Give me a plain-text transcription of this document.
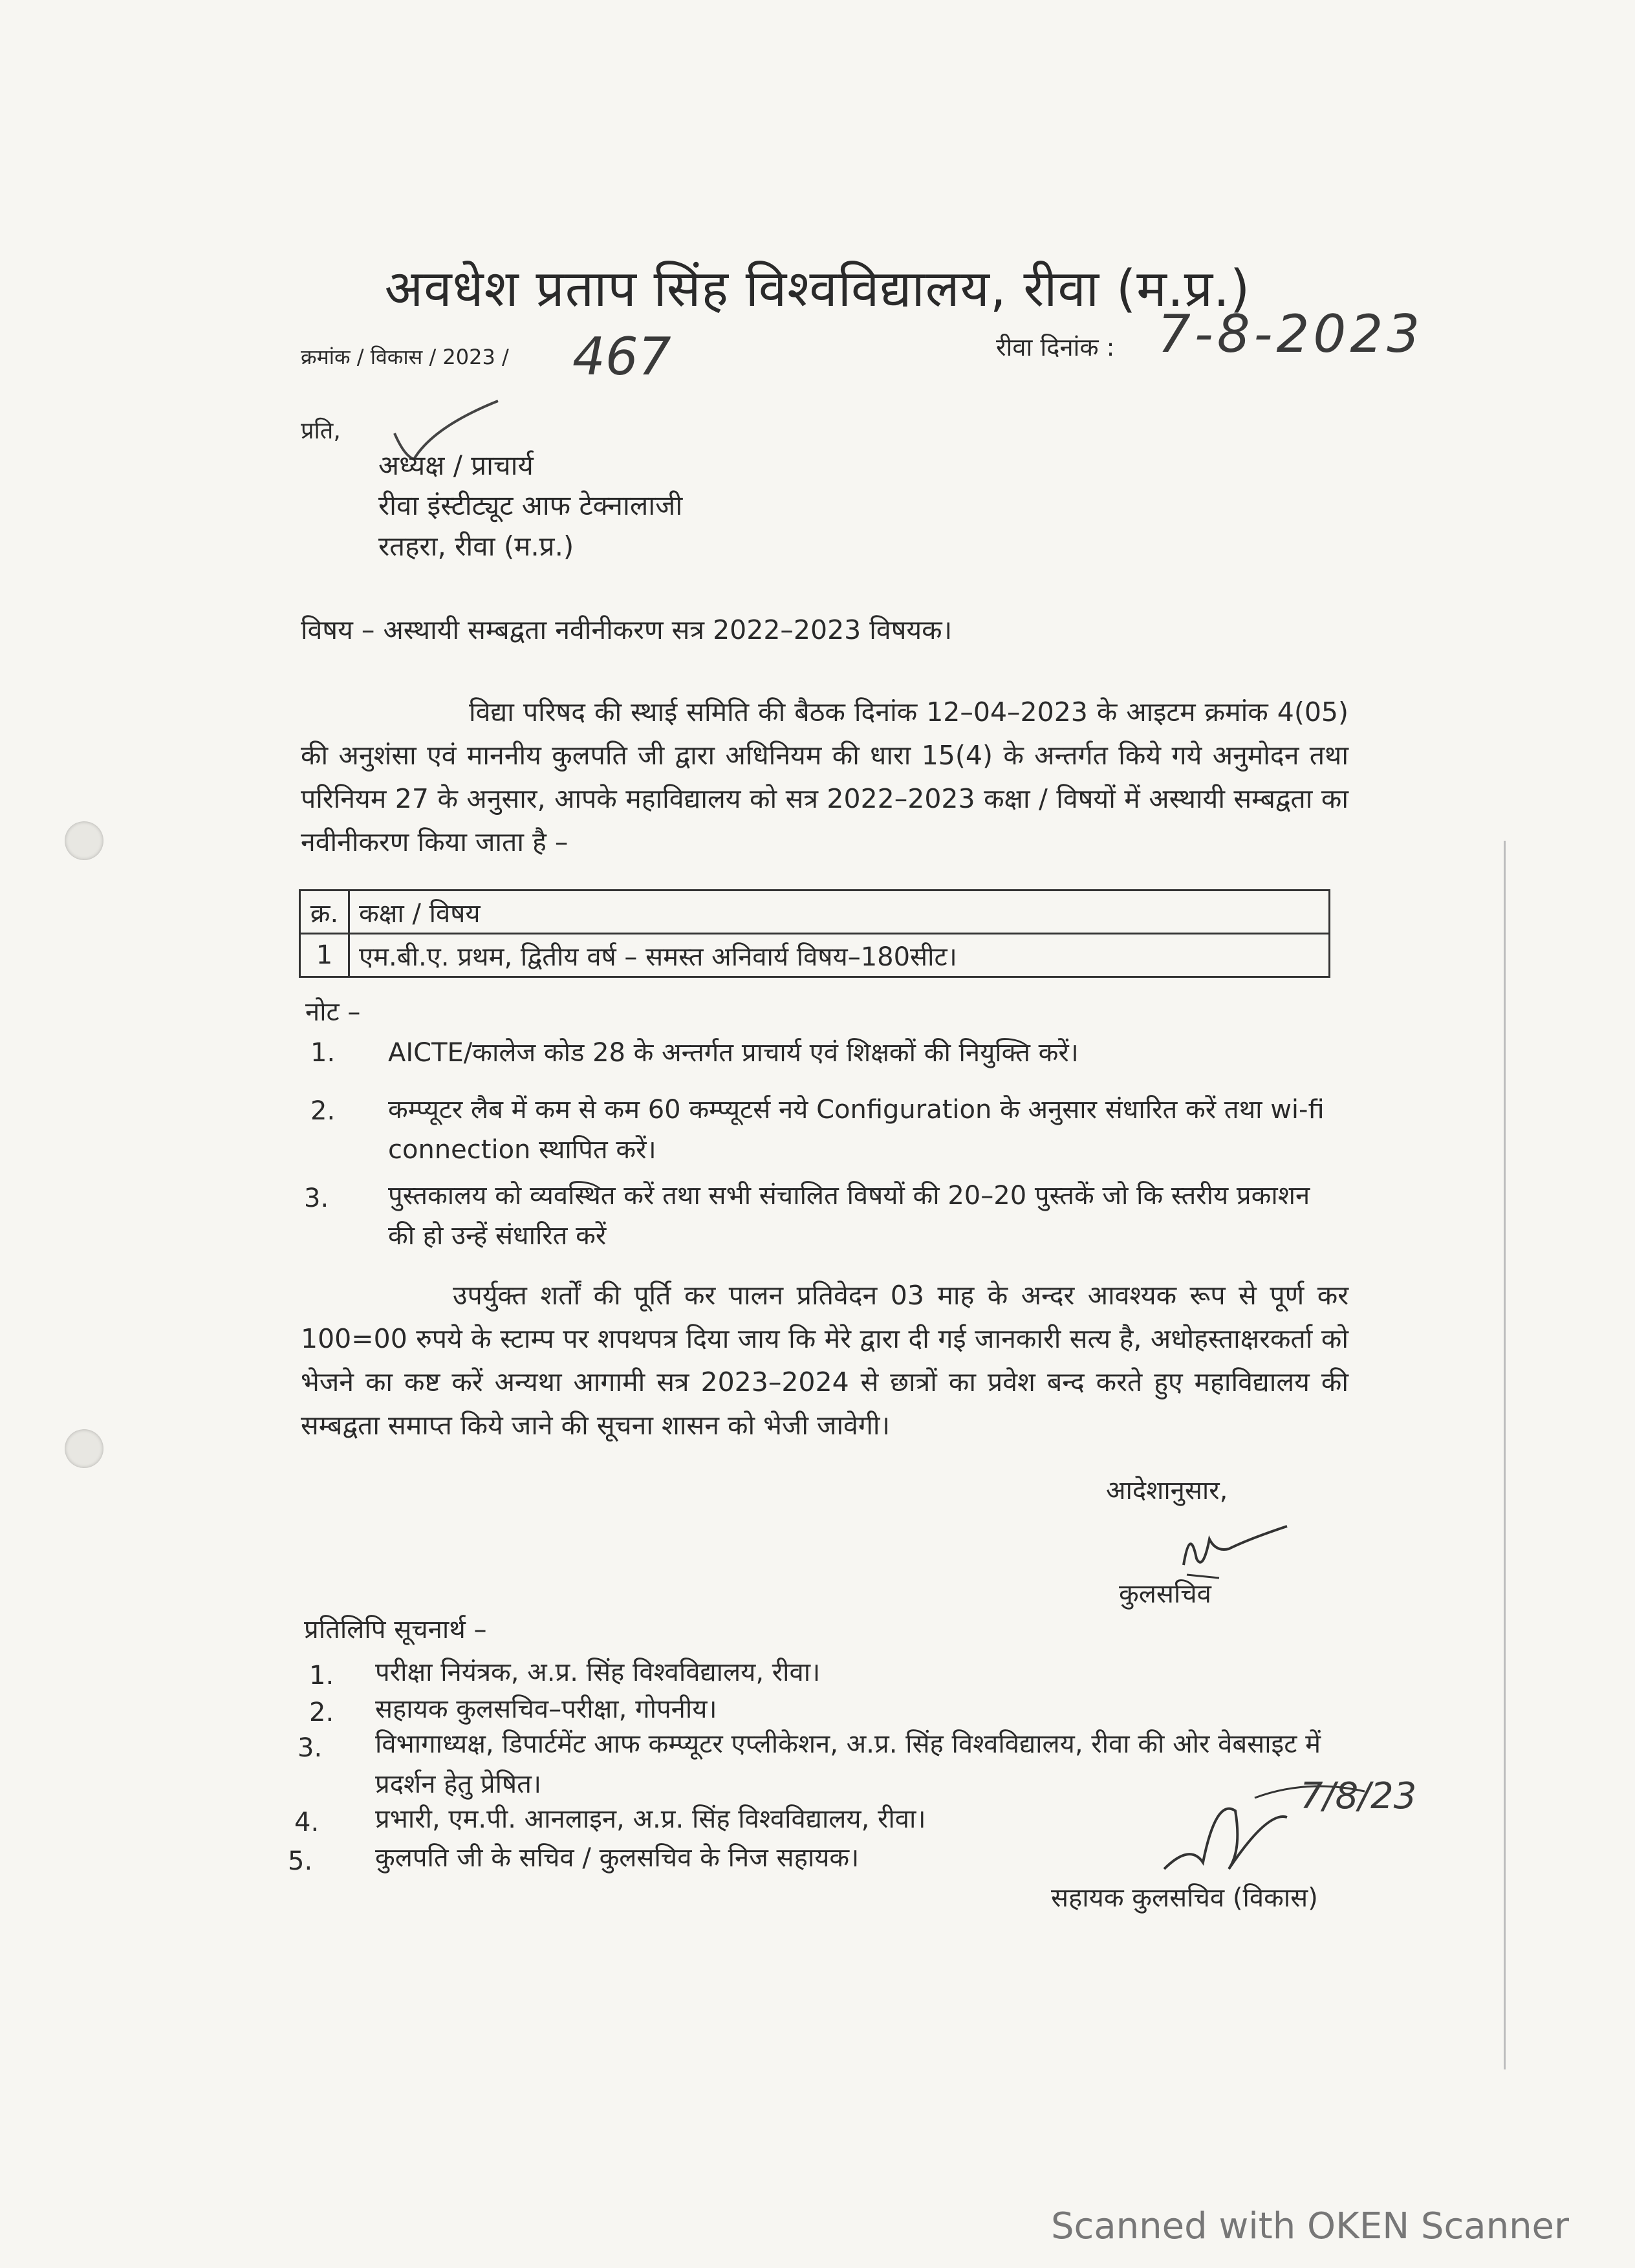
अवधेश प्रताप सिंह विश्वविद्यालय, रीवा (म.प्र.)
क्रमांक / विकास / 2023 / 467	रीवा दिनांक : 7-8-2023
प्रति,
अध्यक्ष / प्राचार्य
रीवा इंस्टीट्यूट आफ टेक्नालाजी
रतहरा, रीवा (म.प्र.)
विषय – अस्थायी सम्बद्वता नवीनीकरण सत्र 2022–2023 विषयक।
विद्या परिषद की स्थाई समिति की बैठक दिनांक 12–04–2023 के आइटम क्रमांक 4(05) की अनुशंसा एवं माननीय कुलपति जी द्वारा अधिनियम की धारा 15(4) के अन्तर्गत किये गये अनुमोदन तथा परिनियम 27 के अनुसार, आपके महाविद्यालय को सत्र 2022–2023 कक्षा / विषयों में अस्थायी सम्बद्वता का नवीनीकरण किया जाता है –
क्र.	कक्षा / विषय
1	एम.बी.ए. प्रथम, द्वितीय वर्ष – समस्त अनिवार्य विषय–180सीट।
नोट –
1. AICTE/कालेज कोड 28 के अन्तर्गत प्राचार्य एवं शिक्षकों की नियुक्ति करें।
2. कम्प्यूटर लैब में कम से कम 60 कम्प्यूटर्स नये Configuration के अनुसार संधारित करें तथा wi-fi connection स्थापित करें।
3. पुस्तकालय को व्यवस्थित करें तथा सभी संचालित विषयों की 20–20 पुस्तकें जो कि स्तरीय प्रकाशन की हो उन्हें संधारित करें
उपर्युक्त शर्तों की पूर्ति कर पालन प्रतिवेदन 03 माह के अन्दर आवश्यक रूप से पूर्ण कर 100=00 रुपये के स्टाम्प पर शपथपत्र दिया जाय कि मेरे द्वारा दी गई जानकारी सत्य है, अधोहस्ताक्षरकर्ता को भेजने का कष्ट करें अन्यथा आगामी सत्र 2023–2024 से छात्रों का प्रवेश बन्द करते हुए महाविद्यालय की सम्बद्वता समाप्त किये जाने की सूचना शासन को भेजी जावेगी।
आदेशानुसार,
कुलसचिव
प्रतिलिपि सूचनार्थ –
1. परीक्षा नियंत्रक, अ.प्र. सिंह विश्वविद्यालय, रीवा।
2. सहायक कुलसचिव–परीक्षा, गोपनीय।
3. विभागाध्यक्ष, डिपार्टमेंट आफ कम्प्यूटर एप्लीकेशन, अ.प्र. सिंह विश्वविद्यालय, रीवा की ओर वेबसाइट में प्रदर्शन हेतु प्रेषित।
4. प्रभारी, एम.पी. आनलाइन, अ.प्र. सिंह विश्वविद्यालय, रीवा।
5. कुलपति जी के सचिव / कुलसचिव के निज सहायक।
7/8/23
सहायक कुलसचिव (विकास)
Scanned with OKEN Scanner
